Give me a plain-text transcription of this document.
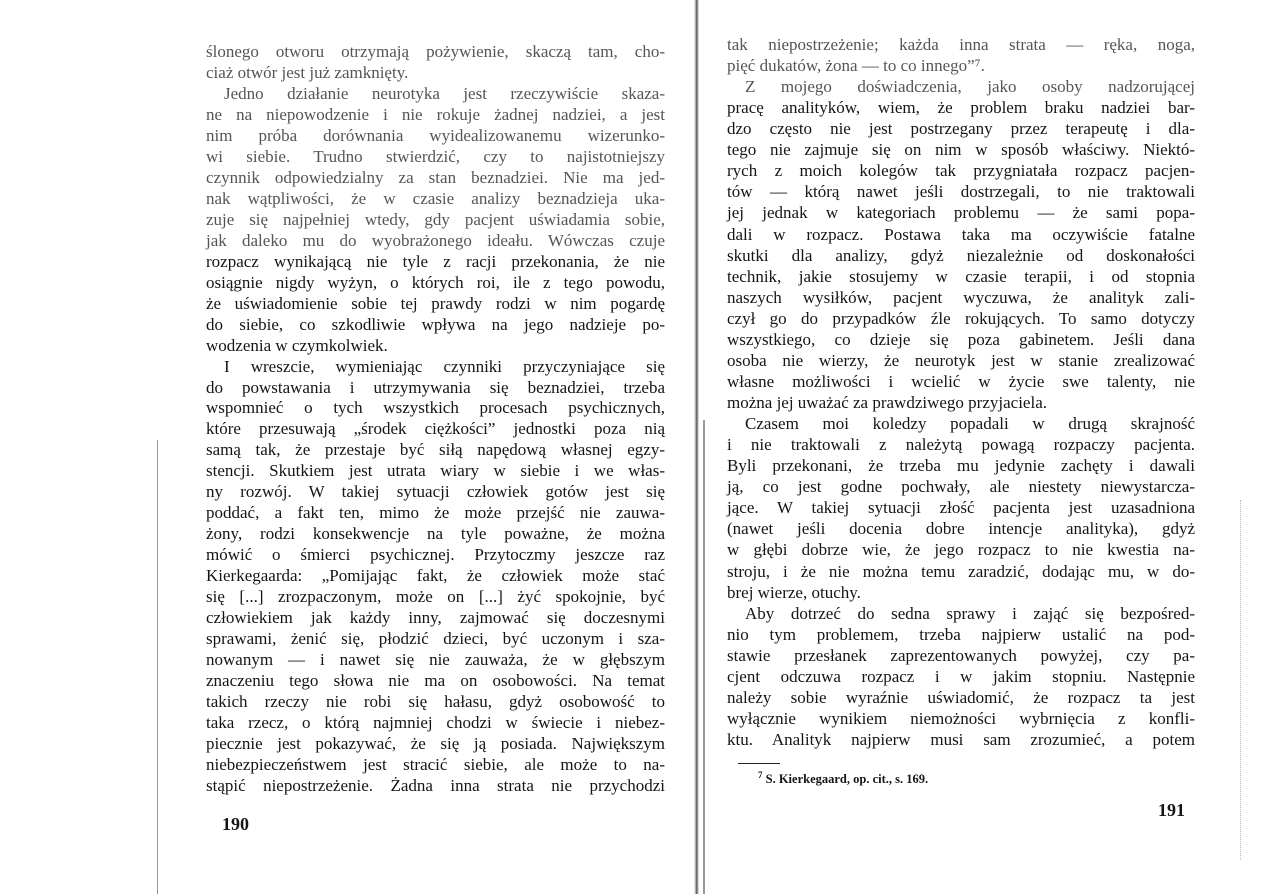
ślonego otworu otrzymają pożywienie, skaczą tam, cho-
ciaż otwór jest już zamknięty.
Jedno działanie neurotyka jest rzeczywiście skaza-
ne na niepowodzenie i nie rokuje żadnej nadziei, a jest
nim próba dorównania wyidealizowanemu wizerunko-
wi siebie. Trudno stwierdzić, czy to najistotniejszy
czynnik odpowiedzialny za stan beznadziei. Nie ma jed-
nak wątpliwości, że w czasie analizy beznadzieja uka-
zuje się najpełniej wtedy, gdy pacjent uświadamia sobie,
jak daleko mu do wyobrażonego ideału. Wówczas czuje
rozpacz wynikającą nie tyle z racji przekonania, że nie
osiągnie nigdy wyżyn, o których roi, ile z tego powodu,
że uświadomienie sobie tej prawdy rodzi w nim pogardę
do siebie, co szkodliwie wpływa na jego nadzieje po-
wodzenia w czymkolwiek.
I wreszcie, wymieniając czynniki przyczyniające się
do powstawania i utrzymywania się beznadziei, trzeba
wspomnieć o tych wszystkich procesach psychicznych,
które przesuwają „środek ciężkości” jednostki poza nią
samą tak, że przestaje być siłą napędową własnej egzy-
stencji. Skutkiem jest utrata wiary w siebie i we włas-
ny rozwój. W takiej sytuacji człowiek gotów jest się
poddać, a fakt ten, mimo że może przejść nie zauwa-
żony, rodzi konsekwencje na tyle poważne, że można
mówić o śmierci psychicznej. Przytoczmy jeszcze raz
Kierkegaarda: „Pomijając fakt, że człowiek może stać
się [...] zrozpaczonym, może on [...] żyć spokojnie, być
człowiekiem jak każdy inny, zajmować się doczesnymi
sprawami, żenić się, płodzić dzieci, być uczonym i sza-
nowanym — i nawet się nie zauważa, że w głębszym
znaczeniu tego słowa nie ma on osobowości. Na temat
takich rzeczy nie robi się hałasu, gdyż osobowość to
taka rzecz, o którą najmniej chodzi w świecie i niebez-
piecznie jest pokazywać, że się ją posiada. Największym
niebezpieczeństwem jest stracić siebie, ale może to na-
stąpić niepostrzeżenie. Żadna inna strata nie przychodzi
190
tak niepostrzeżenie; każda inna strata — ręka, noga,
pięć dukatów, żona — to co innego”⁷.
Z mojego doświadczenia, jako osoby nadzorującej
pracę analityków, wiem, że problem braku nadziei bar-
dzo często nie jest postrzegany przez terapeutę i dla-
tego nie zajmuje się on nim w sposób właściwy. Niektó-
rych z moich kolegów tak przygniatała rozpacz pacjen-
tów — którą nawet jeśli dostrzegali, to nie traktowali
jej jednak w kategoriach problemu — że sami popa-
dali w rozpacz. Postawa taka ma oczywiście fatalne
skutki dla analizy, gdyż niezależnie od doskonałości
technik, jakie stosujemy w czasie terapii, i od stopnia
naszych wysiłków, pacjent wyczuwa, że analityk zali-
czył go do przypadków źle rokujących. To samo dotyczy
wszystkiego, co dzieje się poza gabinetem. Jeśli dana
osoba nie wierzy, że neurotyk jest w stanie zrealizować
własne możliwości i wcielić w życie swe talenty, nie
można jej uważać za prawdziwego przyjaciela.
Czasem moi koledzy popadali w drugą skrajność
i nie traktowali z należytą powagą rozpaczy pacjenta.
Byli przekonani, że trzeba mu jedynie zachęty i dawali
ją, co jest godne pochwały, ale niestety niewystarcza-
jące. W takiej sytuacji złość pacjenta jest uzasadniona
(nawet jeśli docenia dobre intencje analityka), gdyż
w głębi dobrze wie, że jego rozpacz to nie kwestia na-
stroju, i że nie można temu zaradzić, dodając mu, w do-
brej wierze, otuchy.
Aby dotrzeć do sedna sprawy i zająć się bezpośred-
nio tym problemem, trzeba najpierw ustalić na pod-
stawie przesłanek zaprezentowanych powyżej, czy pa-
cjent odczuwa rozpacz i w jakim stopniu. Następnie
należy sobie wyraźnie uświadomić, że rozpacz ta jest
wyłącznie wynikiem niemożności wybrnięcia z konfli-
ktu. Analityk najpierw musi sam zrozumieć, a potem
$^7$ S. Kierkegaard, op. cit., s. 169.
191
